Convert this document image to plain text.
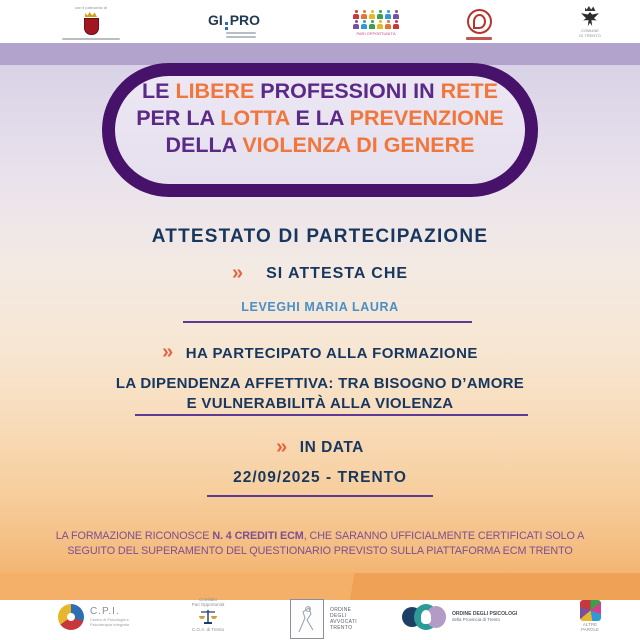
con il patrocinio di
GI PRO
PARI OPPORTUNITÀ
COMUNE
DI TRENTO
LE LIBERE PROFESSIONI IN RETE
PER LA LOTTA E LA PREVENZIONE
DELLA VIOLENZA DI GENERE
ATTESTATO DI PARTECIPAZIONE
» SI ATTESTA CHE
LEVEGHI MARIA LAURA
» HA PARTECIPATO ALLA FORMAZIONE
LA DIPENDENZA AFFETTIVA: TRA BISOGNO D’AMORE
E VULNERABILITÀ ALLA VIOLENZA
» IN DATA
22/09/2025 - TRENTO
LA FORMAZIONE RICONOSCE N. 4 CREDITI ECM, CHE SARANNO UFFICIALMENTE CERTIFICATI SOLO A
SEGUITO DEL SUPERAMENTO DEL QUESTIONARIO PREVISTO SULLA PIATTAFORMA ECM TRENTO
C.P.I.
Centro di Psicologia e
Psicoterapia Integrata
Comitato
Pari Opportunità
C.O.A. di Trento
ORDINE
DEGLI
AVVOCATI
TRENTO
ORDINE DEGLI PSICOLOGI
della Provincia di Trento
ALTRE
PAROLE
